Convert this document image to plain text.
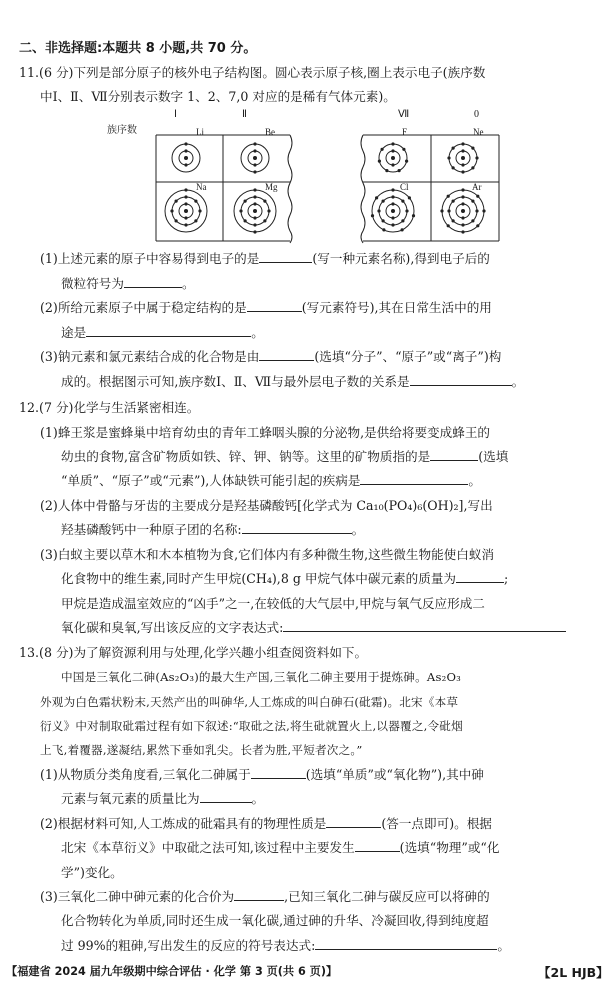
二、非选择题:本题共 8 小题,共 70 分。
11.(6 分)下列是部分原子的核外电子结构图。圆心表示原子核,圈上表示电子(族序数
中Ⅰ、Ⅱ、Ⅶ分别表示数字 1、2、7,0 对应的是稀有气体元素)。
族序数
Ⅰ	Ⅱ	Ⅶ	0
Li	Be
Na	Mg
F	Ne
Cl	Ar
(1)上述元素的原子中容易得到电子的是	(写一种元素名称),得到电子后的
微粒符号为	。
(2)所给元素原子中属于稳定结构的是	(写元素符号),其在日常生活中的用
途是	。
(3)钠元素和氯元素结合成的化合物是由	(选填“分子”、“原子”或“离子”)构
成的。根据图示可知,族序数Ⅰ、Ⅱ、Ⅶ与最外层电子数的关系是	。
12.(7 分)化学与生活紧密相连。
(1)蜂王浆是蜜蜂巢中培育幼虫的青年工蜂咽头腺的分泌物,是供给将要变成蜂王的
幼虫的食物,富含矿物质如铁、锌、钾、钠等。这里的矿物质指的是	(选填
“单质”、“原子”或“元素”),人体缺铁可能引起的疾病是	。
(2)人体中骨骼与牙齿的主要成分是羟基磷酸钙[化学式为 Ca₁₀(PO₄)₆(OH)₂],写出
羟基磷酸钙中一种原子团的名称:	。
(3)白蚁主要以草木和木本植物为食,它们体内有多种微生物,这些微生物能使白蚁消
化食物中的维生素,同时产生甲烷(CH₄),8 g 甲烷气体中碳元素的质量为	;
甲烷是造成温室效应的“凶手”之一,在较低的大气层中,甲烷与氧气反应形成二
氧化碳和臭氧,写出该反应的文字表达式:
13.(8 分)为了解资源利用与处理,化学兴趣小组查阅资料如下。
中国是三氧化二砷(As₂O₃)的最大生产国,三氧化二砷主要用于提炼砷。As₂O₃
外观为白色霜状粉末,天然产出的叫砷华,人工炼成的叫白砷石(砒霜)。北宋《本草
衍义》中对制取砒霜过程有如下叙述:“取砒之法,将生砒就置火上,以器覆之,令砒烟
上飞,着覆器,遂凝结,累然下垂如乳尖。长者为胜,平短者次之。”
(1)从物质分类角度看,三氧化二砷属于	(选填“单质”或“氧化物”),其中砷
元素与氧元素的质量比为	。
(2)根据材料可知,人工炼成的砒霜具有的物理性质是	(答一点即可)。根据
北宋《本草衍义》中取砒之法可知,该过程中主要发生	(选填“物理”或“化
学”)变化。
(3)三氧化二砷中砷元素的化合价为	,已知三氧化二砷与碳反应可以将砷的
化合物转化为单质,同时还生成一氧化碳,通过砷的升华、冷凝回收,得到纯度超
过 99%的粗砷,写出发生的反应的符号表达式:	。
【福建省 2024 届九年级期中综合评估 · 化学 第 3 页(共 6 页)】	【2L HJB】
